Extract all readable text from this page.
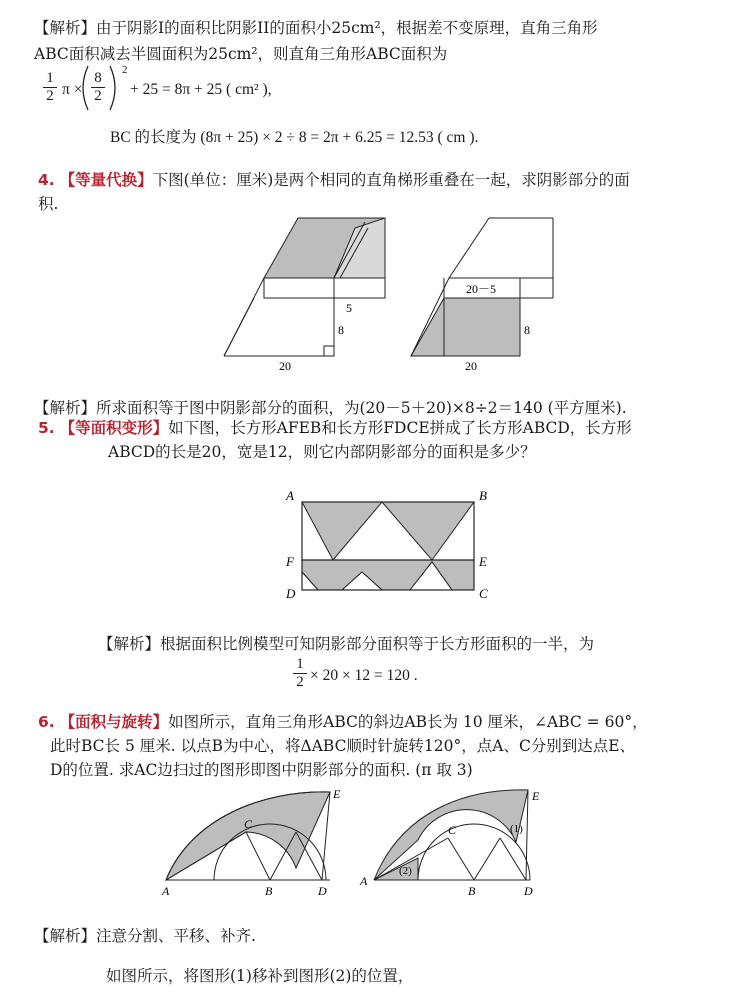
【解析】由于阴影I的面积比阴影II的面积小25cm²，根据差不变原理，直角三角形
ABC面积减去半圆面积为25cm²，则直角三角形ABC面积为
$\frac{1}{2}$ $\pi \times \frac{8}{2} 2$
+ 25 = 8π + 25 ( cm² ),
BC 的长度为 (8π + 25) × 2 ÷ 8 = 2π + 6.25 = 12.53 ( cm ).
4. 【等量代换】下图(单位：厘米)是两个相同的直角梯形重叠在一起，求阴影部分的面
积.
5
8
20
20－5
8
20
【解析】所求面积等于图中阴影部分的面积，为(20－5＋20)×8÷2＝140 (平方厘米).
5. 【等面积变形】如下图，长方形AFEB和长方形FDCE拼成了长方形ABCD，长方形
ABCD的长是20，宽是12，则它内部阴影部分的面积是多少？
A	B
F	E
D	C
【解析】根据面积比例模型可知阴影部分面积等于长方形面积的一半，为
$\frac{1}{2} \times 20 \times 12 = 120$ .
6. 【面积与旋转】如图所示，直角三角形ABC的斜边AB长为 10 厘米，∠ABC = 60°，
此时BC长 5 厘米. 以点B为中心，将ΔABC顺时针旋转120°，点A、C分别到达点E、
D的位置. 求AC边扫过的图形即图中阴影部分的面积. (π 取 3)
A	B
C
D
E
A
B
C
D
E
(1)
(2)
【解析】注意分割、平移、补齐.
如图所示，将图形(1)移补到图形(2)的位置，
